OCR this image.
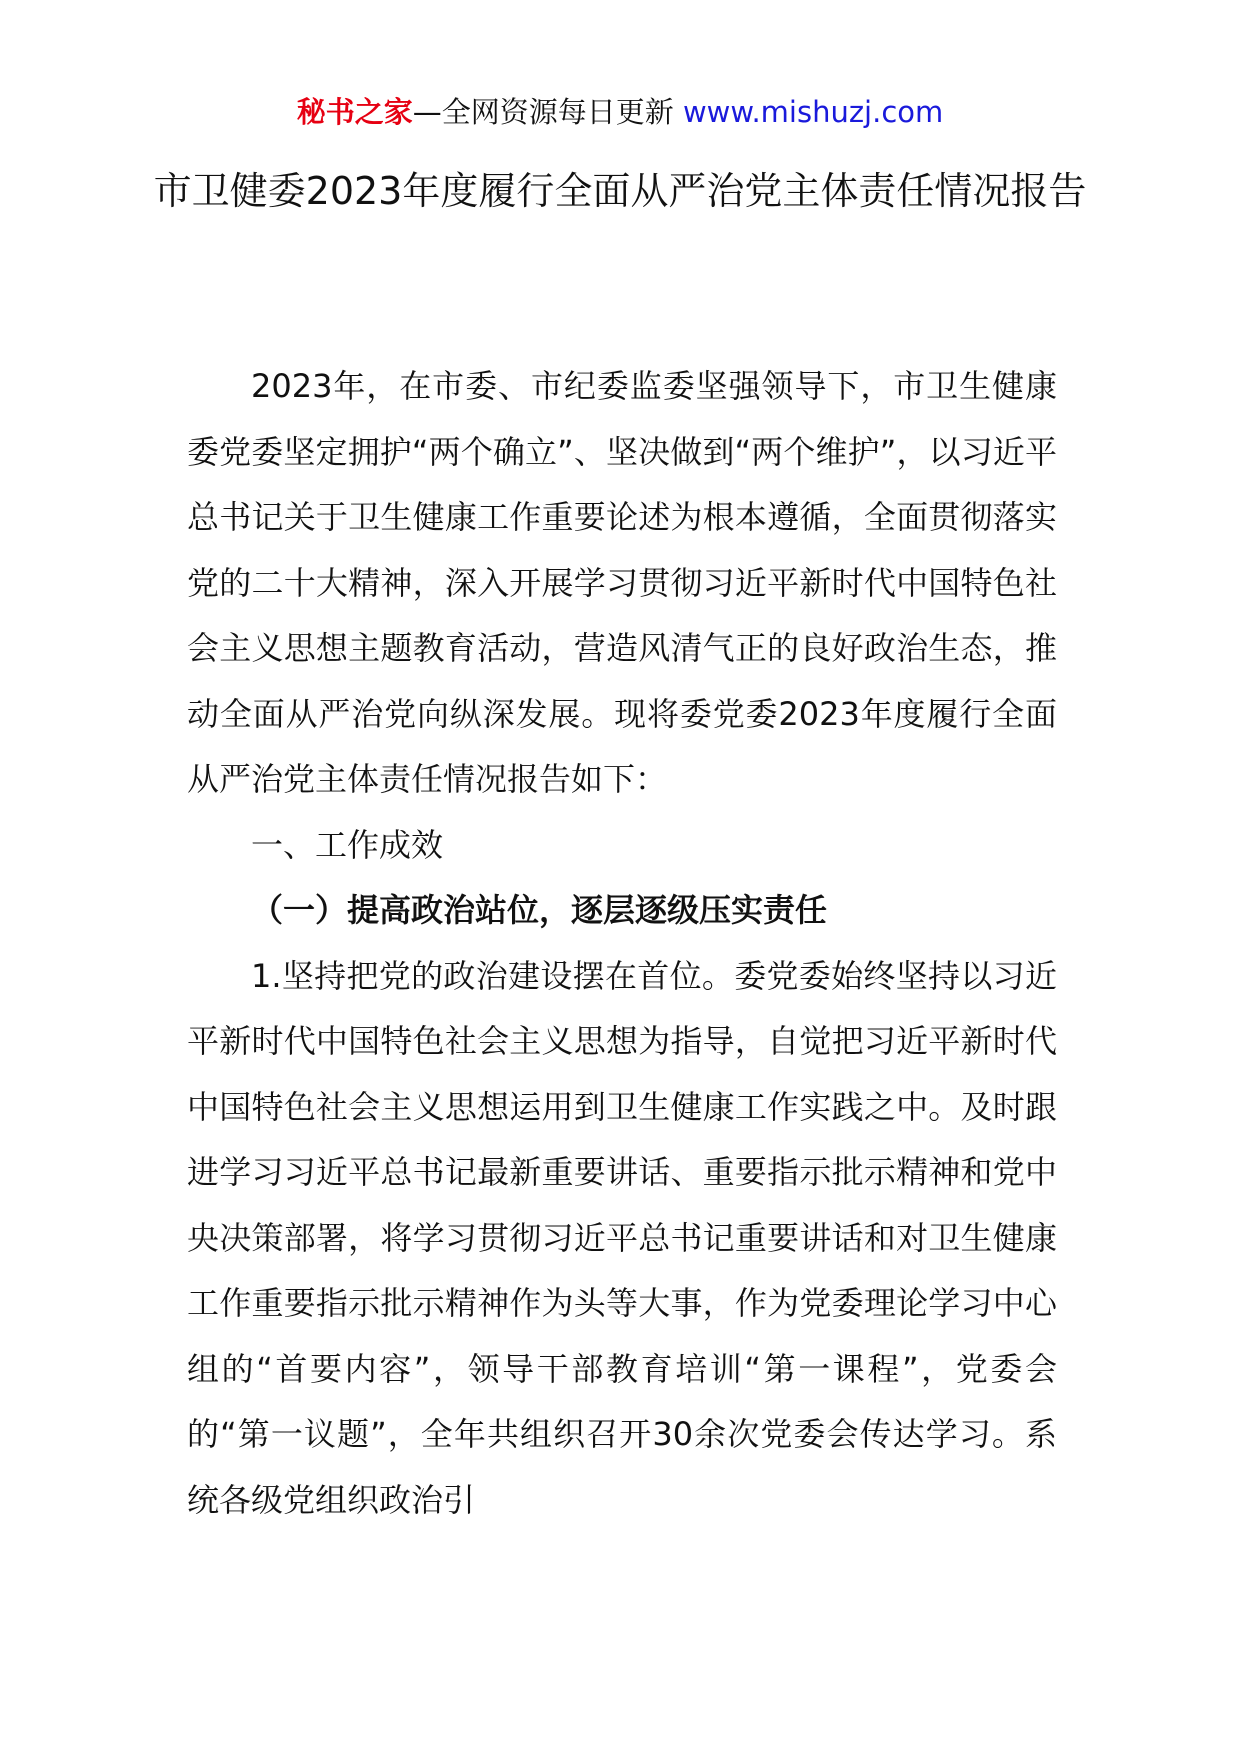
秘书之家—全网资源每日更新 www.mishuzj.com
市卫健委2023年度履行全面从严治党主体责任情况报告

2023年，在市委、市纪委监委坚强领导下，市卫生健康委党委坚定拥护“两个确立”、坚决做到“两个维护”，以习近平总书记关于卫生健康工作重要论述为根本遵循，全面贯彻落实党的二十大精神，深入开展学习贯彻习近平新时代中国特色社会主义思想主题教育活动，营造风清气正的良好政治生态，推动全面从严治党向纵深发展。现将委党委2023年度履行全面从严治党主体责任情况报告如下：

一、工作成效

（一）提高政治站位，逐层逐级压实责任

1.坚持把党的政治建设摆在首位。委党委始终坚持以习近平新时代中国特色社会主义思想为指导，自觉把习近平新时代中国特色社会主义思想运用到卫生健康工作实践之中。及时跟进学习习近平总书记最新重要讲话、重要指示批示精神和党中央决策部署，将学习贯彻习近平总书记重要讲话和对卫生健康工作重要指示批示精神作为头等大事，作为党委理论学习中心组的“首要内容”，领导干部教育培训“第一课程”，党委会的“第一议题”，全年共组织召开30余次党委会传达学习。系统各级党组织政治引
